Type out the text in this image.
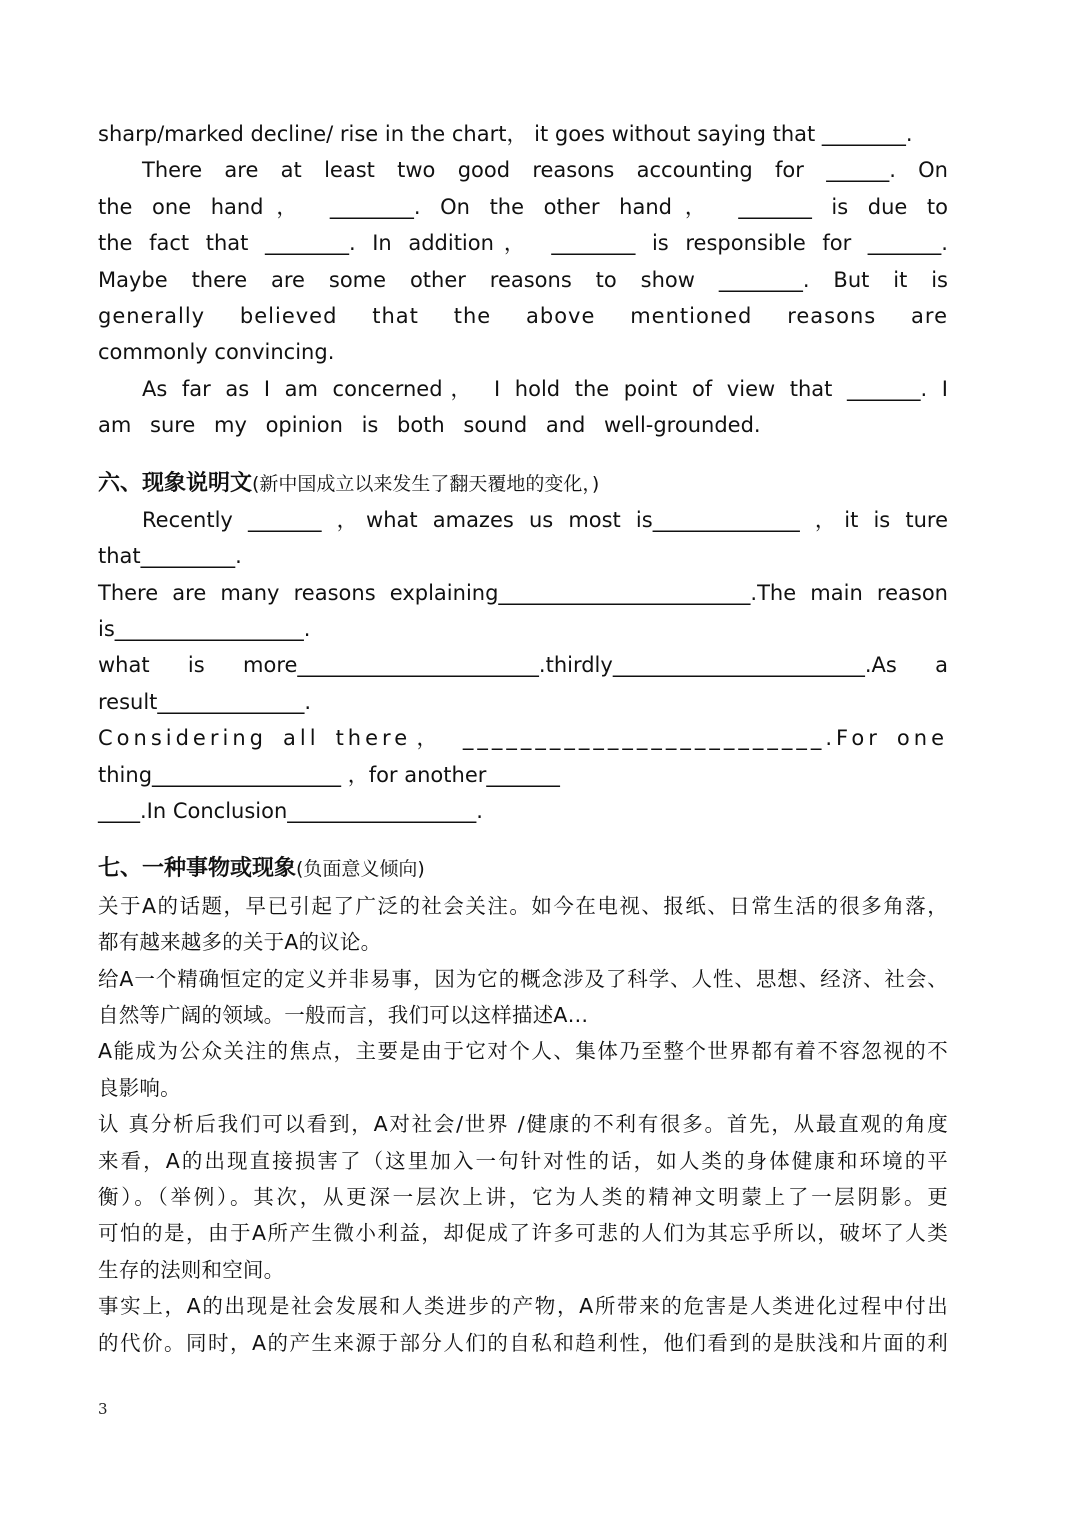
sharp/marked decline/ rise in the chart， it goes without saying that ________.
There are at least two good reasons accounting for ______. On
the one hand， ________. On the other hand， _______ is due to
the fact that ________. In addition， ________ is responsible for _______.
Maybe there are some other reasons to show ________. But it is
generally believed that the above mentioned reasons are
commonly convincing.
As far as I am concerned， I hold the point of view that _______. I
am sure my opinion is both sound and well-grounded.
六、现象说明文(新中国成立以来发生了翻天覆地的变化，)
Recently _______ ，what amazes us most is______________ ，it is ture
that_________.
There are many reasons explaining________________________.The main reason
is__________________.
what is more_______________________.thirdly________________________.As a
result______________.
Considering all there， _________________________.For one
thing__________________ ，for another_______
____.In Conclusion__________________.
七、一种事物或现象(负面意义倾向)
关于A的话题，早已引起了广泛的社会关注。如今在电视、报纸、日常生活的很多角落，
都有越来越多的关于A的议论。
给A一个精确恒定的定义并非易事，因为它的概念涉及了科学、人性、思想、经济、社会、
自然等广阔的领域。一般而言，我们可以这样描述A…
A能成为公众关注的焦点，主要是由于它对个人、集体乃至整个世界都有着不容忽视的不
良影响。
认 真分析后我们可以看到，A对社会/世界 /健康的不利有很多。首先，从最直观的角度
来看，A的出现直接损害了（这里加入一句针对性的话，如人类的身体健康和环境的平
衡）。（举例）。其次，从更深一层次上讲，它为人类的精神文明蒙上了一层阴影。更
可怕的是，由于A所产生微小利益，却促成了许多可悲的人们为其忘乎所以，破坏了人类
生存的法则和空间。
事实上，A的出现是社会发展和人类进步的产物，A所带来的危害是人类进化过程中付出
的代价。同时，A的产生来源于部分人们的自私和趋利性，他们看到的是肤浅和片面的利
3
